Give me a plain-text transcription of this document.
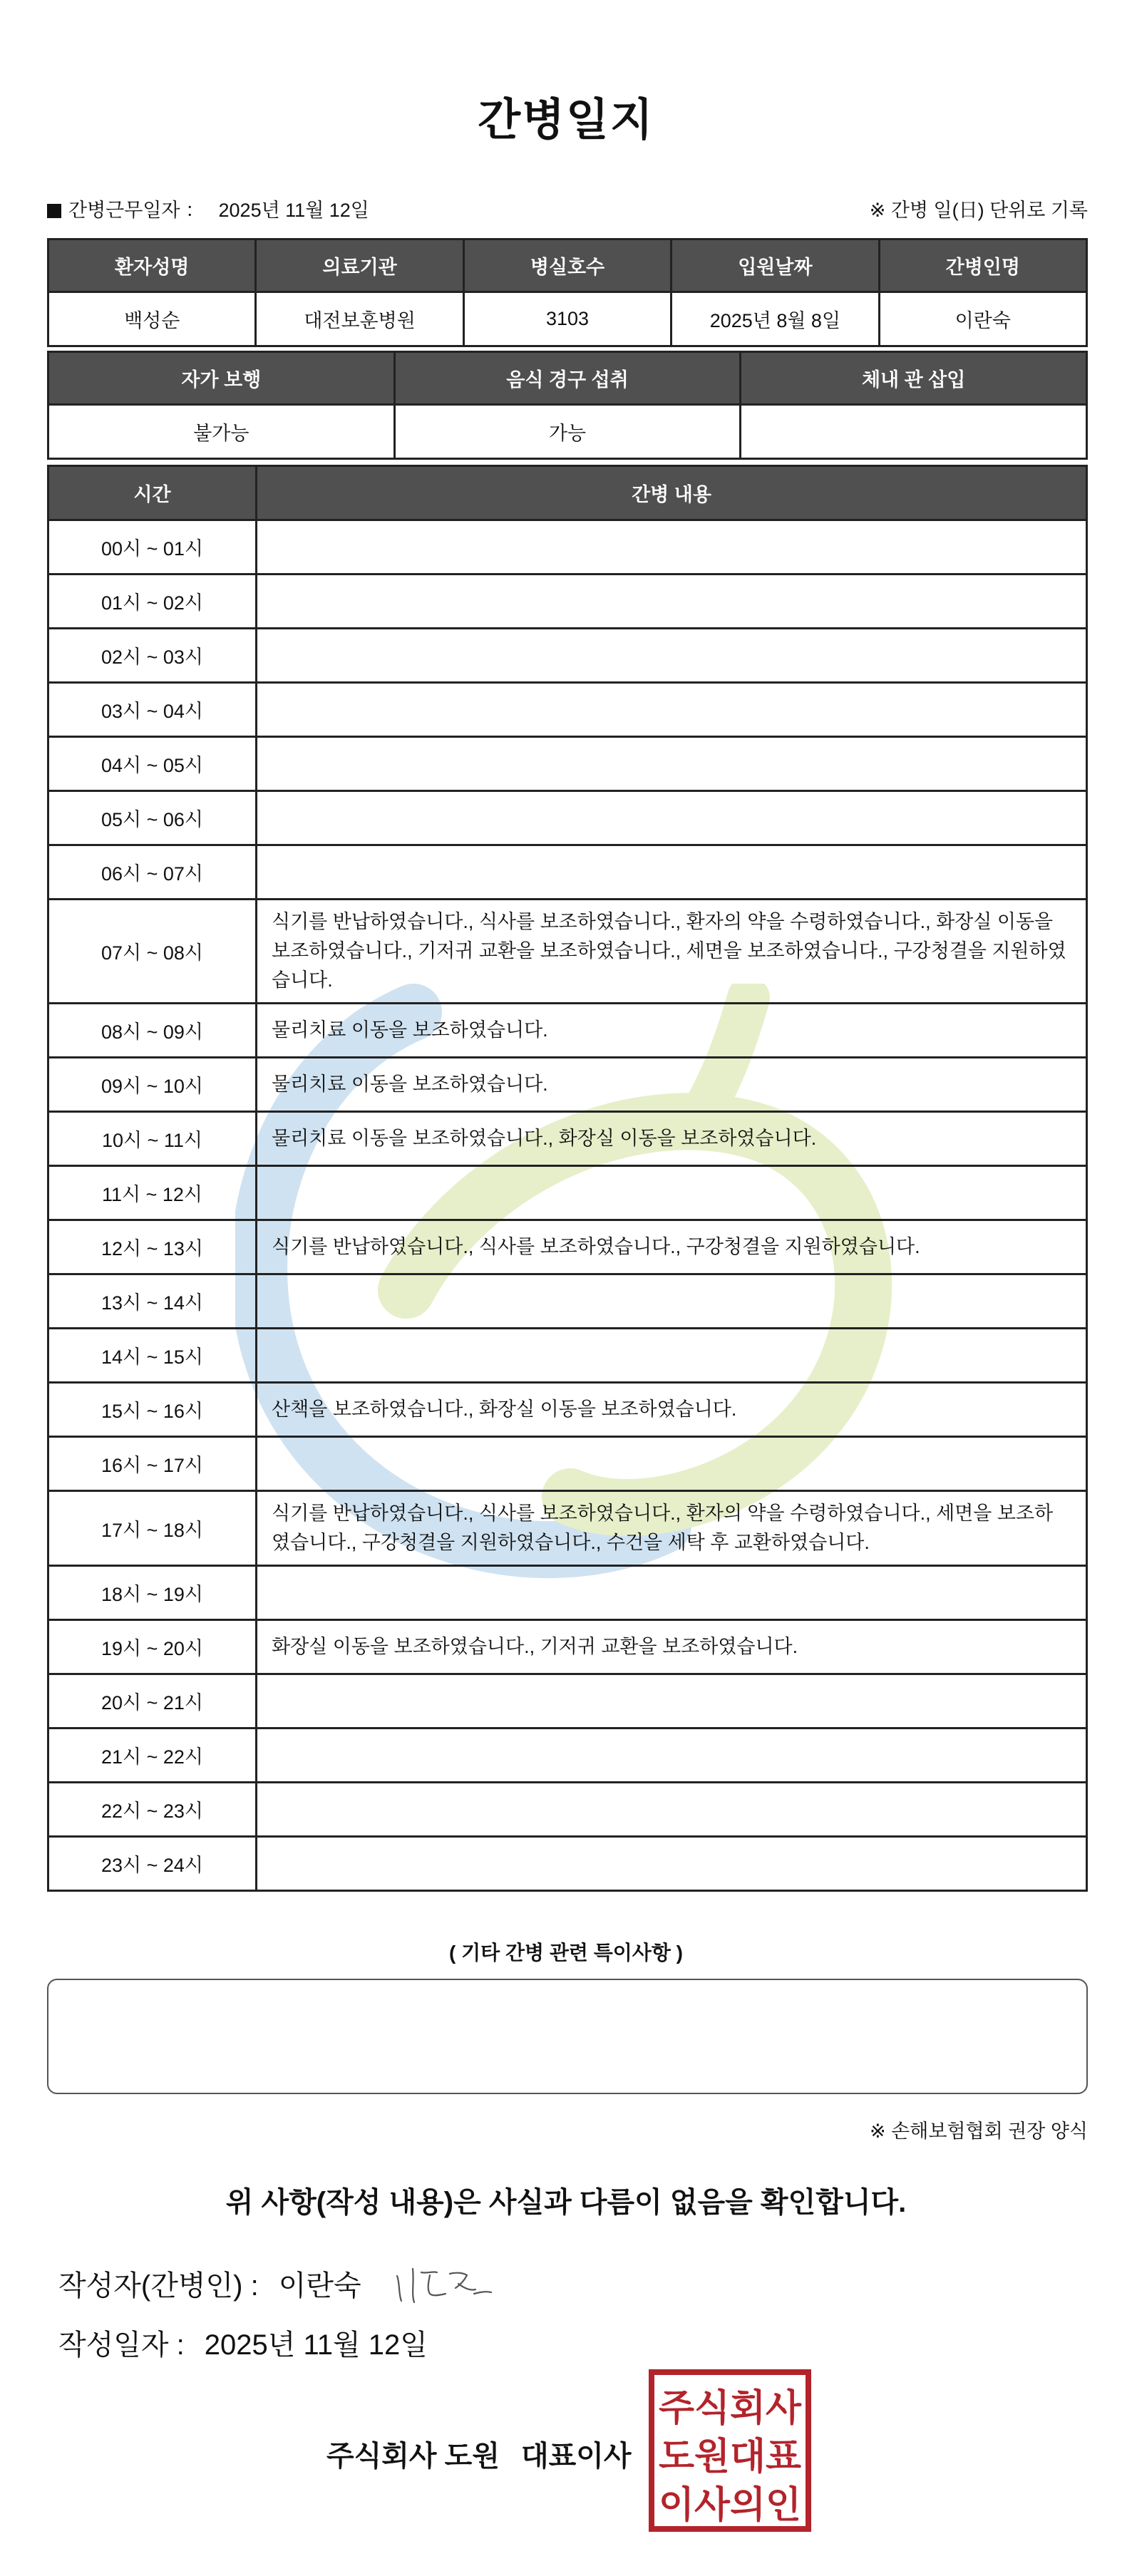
간병일지
간병근무일자 ： 2025년 11월 12일	※ 간병 일(日) 단위로 기록
환자성명	의료기관	병실호수	입원날짜	간병인명
백성순	대전보훈병원	3103	2025년 8월 8일	이란숙
자가 보행	음식 경구 섭취	체내 관 삽입
불가능	가능	
시간	간병 내용
00시 ~ 01시	
01시 ~ 02시	
02시 ~ 03시	
03시 ~ 04시	
04시 ~ 05시	
05시 ~ 06시	
06시 ~ 07시	
07시 ~ 08시	식기를 반납하였습니다., 식사를 보조하였습니다., 환자의 약을 수령하였습니다., 화장실 이동을 보조하였습니다., 기저귀 교환을 보조하였습니다., 세면을 보조하였습니다., 구강청결을 지원하였습니다.
08시 ~ 09시	물리치료 이동을 보조하였습니다.
09시 ~ 10시	물리치료 이동을 보조하였습니다.
10시 ~ 11시	물리치료 이동을 보조하였습니다., 화장실 이동을 보조하였습니다.
11시 ~ 12시	
12시 ~ 13시	식기를 반납하였습니다., 식사를 보조하였습니다., 구강청결을 지원하였습니다.
13시 ~ 14시	
14시 ~ 15시	
15시 ~ 16시	산책을 보조하였습니다., 화장실 이동을 보조하였습니다.
16시 ~ 17시	
17시 ~ 18시	식기를 반납하였습니다., 식사를 보조하였습니다., 환자의 약을 수령하였습니다., 세면을 보조하였습니다., 구강청결을 지원하였습니다., 수건을 세탁 후 교환하였습니다.
18시 ~ 19시	
19시 ~ 20시	화장실 이동을 보조하였습니다., 기저귀 교환을 보조하였습니다.
20시 ~ 21시	
21시 ~ 22시	
22시 ~ 23시	
23시 ~ 24시	
( 기타 간병 관련 특이사항 )
※ 손해보험협회 권장 양식
위 사항(작성 내용)은 사실과 다름이 없음을 확인합니다.
작성자(간병인) : 이란숙
작성일자 : 2025년 11월 12일
주식회사 도원 대표이사
주식회사
도원대표
이사의인
